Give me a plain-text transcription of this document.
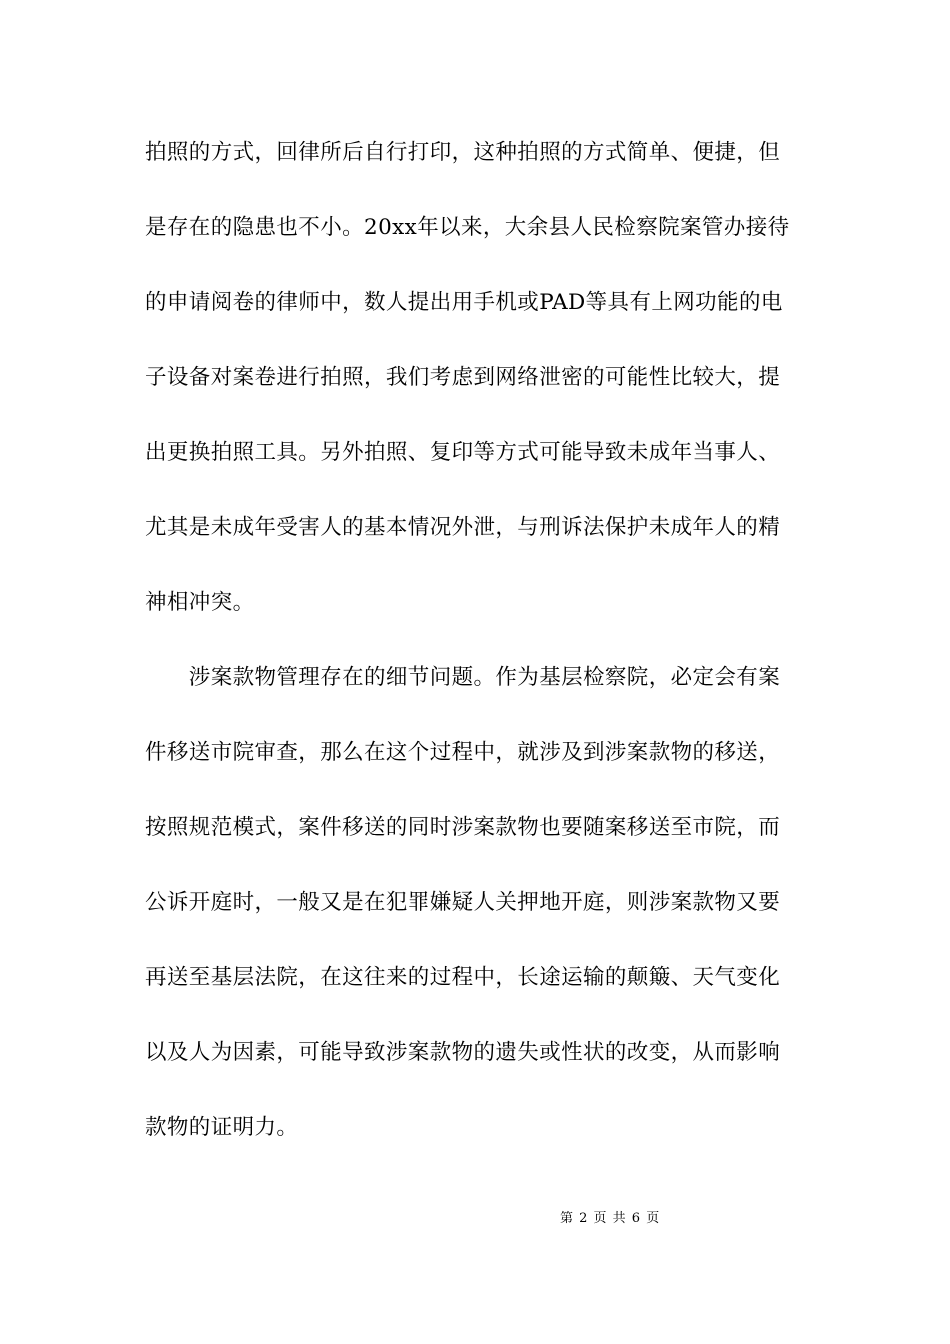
拍照的方式，回律所后自行打印，这种拍照的方式简单、便捷，但
是存在的隐患也不小。20xx年以来，大余县人民检察院案管办接待
的申请阅卷的律师中，数人提出用手机或PAD等具有上网功能的电
子设备对案卷进行拍照，我们考虑到网络泄密的可能性比较大，提
出更换拍照工具。另外拍照、复印等方式可能导致未成年当事人、
尤其是未成年受害人的基本情况外泄，与刑诉法保护未成年人的精
神相冲突。
　　涉案款物管理存在的细节问题。作为基层检察院，必定会有案
件移送市院审查，那么在这个过程中，就涉及到涉案款物的移送，
按照规范模式，案件移送的同时涉案款物也要随案移送至市院，而
公诉开庭时，一般又是在犯罪嫌疑人关押地开庭，则涉案款物又要
再送至基层法院，在这往来的过程中，长途运输的颠簸、天气变化
以及人为因素，可能导致涉案款物的遗失或性状的改变，从而影响
款物的证明力。
第 2 页 共 6 页
